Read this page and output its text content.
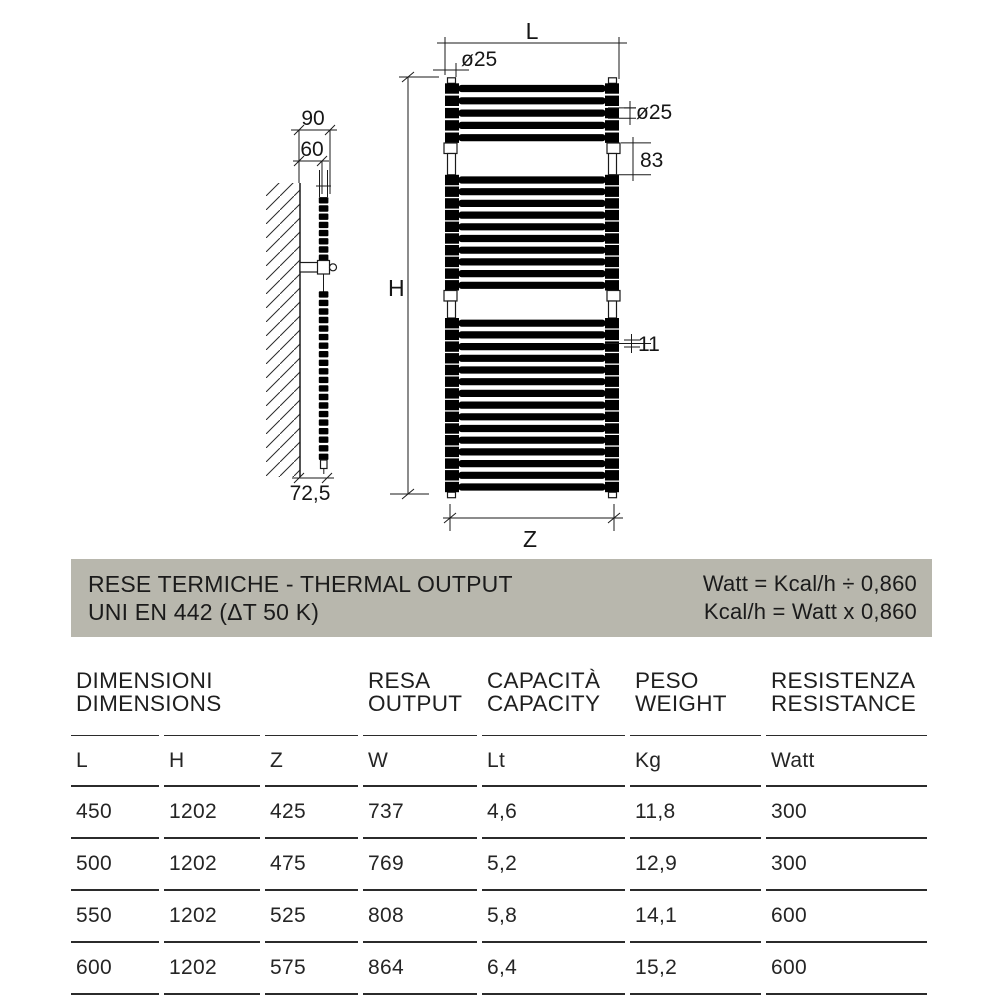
90
60
72,5
L
ø25
H
ø25
83
11
Z
RESE TERMICHE - THERMAL OUTPUT
UNI EN 442 (ΔT 50 K)
Watt = Kcal/h ÷ 0,860
Kcal/h = Watt x 0,860
DIMENSIONI
DIMENSIONS

RESA
OUTPUT

CAPACITÀ
CAPACITY

PESO
WEIGHT

RESISTENZA
RESISTANCE

L	H	Z	W	Lt	Kg	Watt
450	1202	425	737	4,6	11,8	300
500	1202	475	769	5,2	12,9	300
550	1202	525	808	5,8	14,1	600
600	1202	575	864	6,4	15,2	600
